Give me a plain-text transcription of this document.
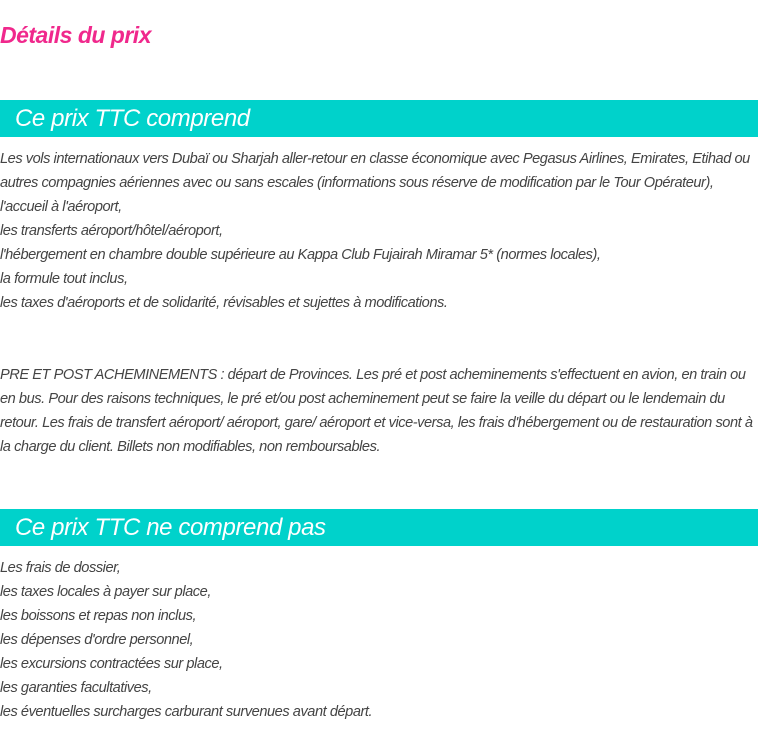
Détails du prix
Ce prix TTC comprend

Les vols internationaux vers Dubaï ou Sharjah aller-retour en classe économique avec Pegasus Airlines, Emirates, Etihad ou autres compagnies aériennes avec ou sans escales (informations sous réserve de modification par le Tour Opérateur),

l'accueil à l'aéroport,

les transferts aéroport/hôtel/aéroport,

l'hébergement en chambre double supérieure au Kappa Club Fujairah Miramar 5* (normes locales),

la formule tout inclus,

les taxes d'aéroports et de solidarité, révisables et sujettes à modifications.

PRE ET POST ACHEMINEMENTS : départ de Provinces. Les pré et post acheminements s'effectuent en avion, en train ou en bus. Pour des raisons techniques, le pré et/ou post acheminement peut se faire la veille du départ ou le lendemain du retour. Les frais de transfert aéroport/ aéroport, gare/ aéroport et vice-versa, les frais d'hébergement ou de restauration sont à la charge du client. Billets non modifiables, non remboursables.

Ce prix TTC ne comprend pas

Les frais de dossier,

les taxes locales à payer sur place,

les boissons et repas non inclus,

les dépenses d'ordre personnel,

les excursions contractées sur place,

les garanties facultatives,

les éventuelles surcharges carburant survenues avant départ.
